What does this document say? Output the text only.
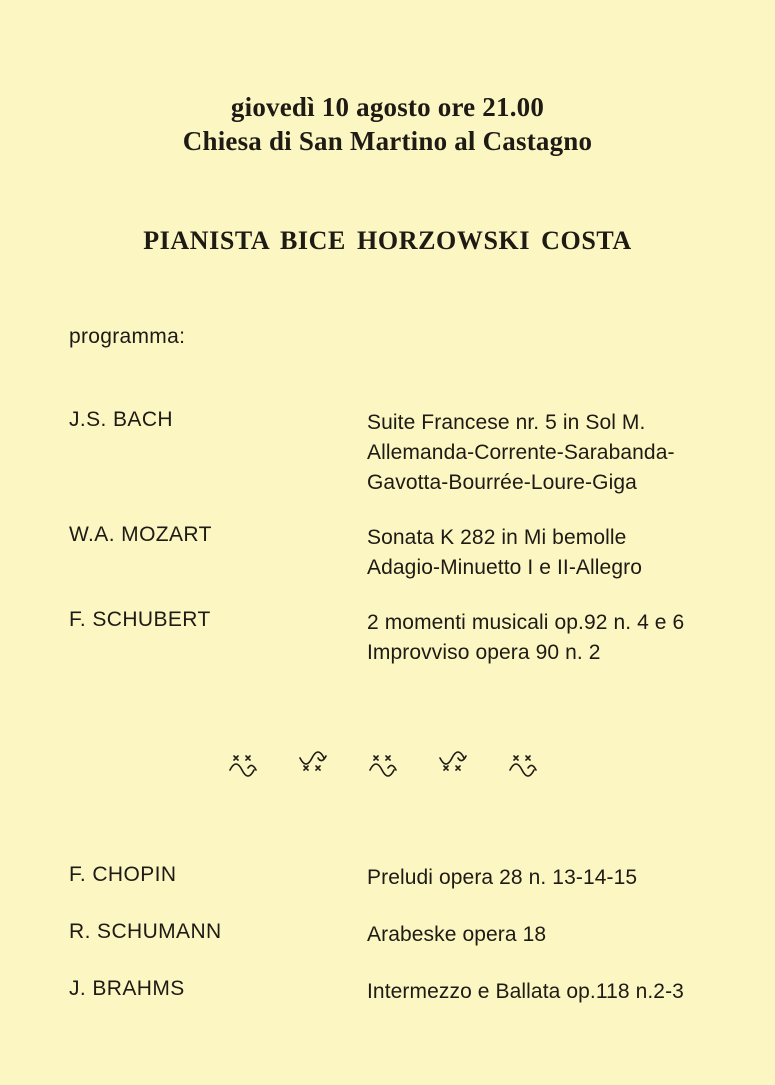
giovedì 10 agosto ore 21.00
Chiesa di San Martino al Castagno
PIANISTA BICE HORZOWSKI COSTA
programma:
J.S. BACH	Suite Francese nr. 5 in Sol M.
Allemanda-Corrente-Sarabanda-
Gavotta-Bourrée-Loure-Giga
W.A. MOZART	Sonata K 282 in Mi bemolle
Adagio-Minuetto I e II-Allegro
F. SCHUBERT	2 momenti musicali op.92 n. 4 e 6
Improvviso opera 90 n. 2
F. CHOPIN	Preludi opera 28 n. 13-14-15
R. SCHUMANN	Arabeske opera 18
J. BRAHMS	Intermezzo e Ballata op.118 n.2-3
